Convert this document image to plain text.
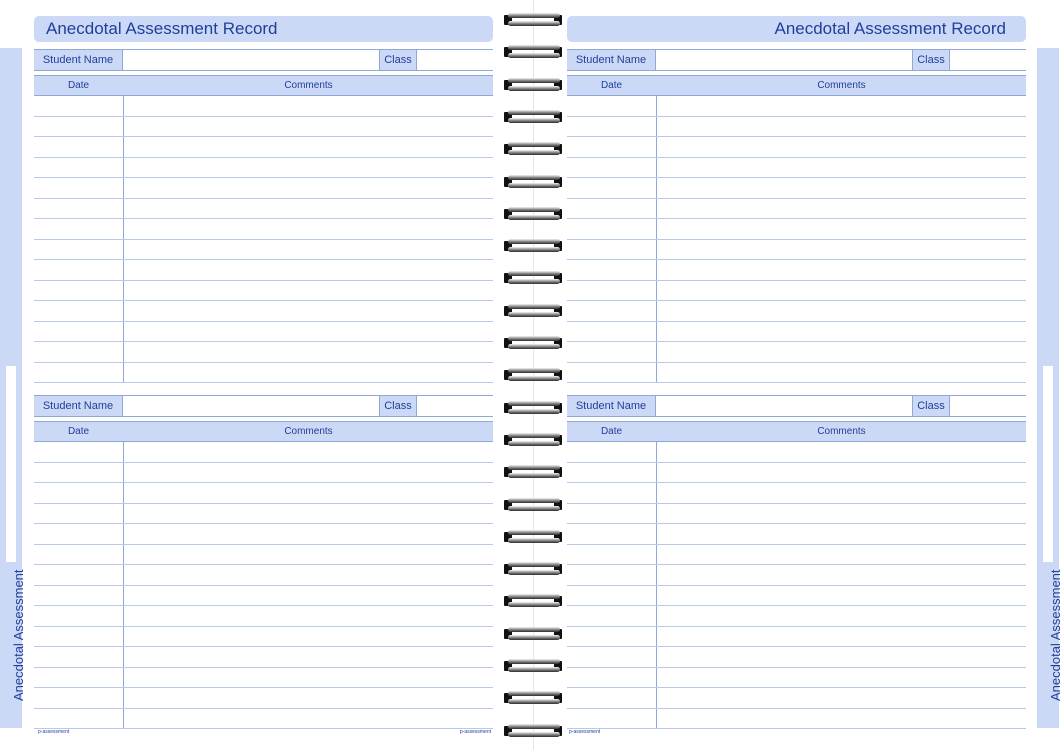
Anecdotal Assessment	Anecdotal Assessment
Anecdotal Assessment Record
Student Name	Class
Date	Comments
Student Name	Class
Date	Comments
p-assessment	p-assessment
Anecdotal Assessment Record
Student Name	Class
Date	Comments
Student Name	Class
Date	Comments
p-assessment
